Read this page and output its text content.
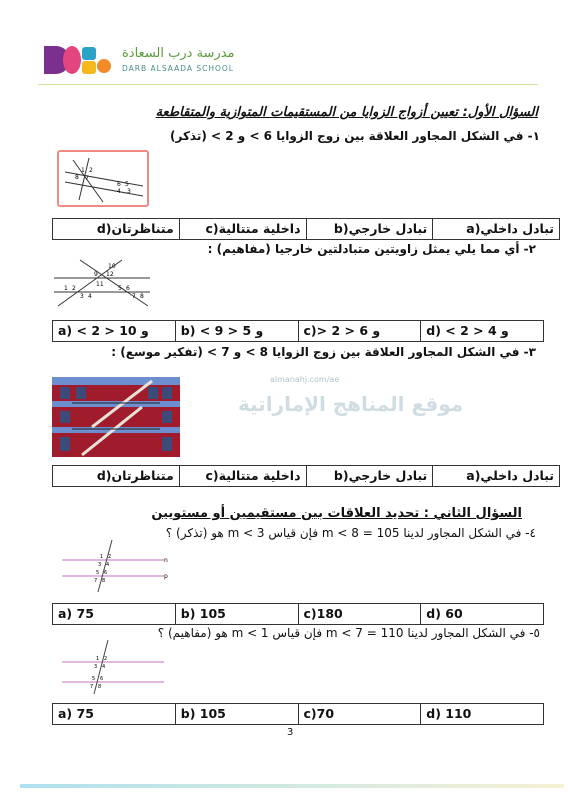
مدرسة درب السعادة
DARB ALSAADA SCHOOL
السؤال الأول: تعيين أزواج الزوايا من المستقيمات المتوازية والمتقاطعة
١- في الشكل المجاور العلاقة بين زوج الزوايا 6 > و 2 > (تذكر)
1 2
8 7
6 5
4 3
متناظرتان(d	داخلية متتالية(c	تبادل خارجي(b	تبادل داخلي(a
٢- أي مما يلي يمثل زاويتين متبادلتين خارجيا (مفاهيم) :
1 2
3 4
5 6
7 8
9
10
11
12
a) < 2 > 10 و	b) < 9 > 5 و	c)> 2 > 6 و	d) < 2 > 4 و
٣- في الشكل المجاور العلاقة بين زوج الزوايا 8 > و 7 > (تفكير موسع) :
almanahj.com/ae
موقع المناهج الإماراتية
متناظرتان(d	داخلية متتالية(c	تبادل خارجي(b	تبادل داخلي(a
السؤال الثاني : تحديد العلاقات بين مستقيمين أو مستويين
٤- في الشكل المجاور لدينا m < 8 = 105 فإن قياس m < 3 هو (تذكر) ؟
1 2
3 4
5 6
7 8
n
p
a) 75	b) 105	c)180	d) 60
٥- في الشكل المجاور لدينا m < 7 = 110 فإن قياس m < 1 هو (مفاهيم) ؟
1 2
3 4
5 6
7 8
a) 75	b) 105	c)70	d) 110
3
